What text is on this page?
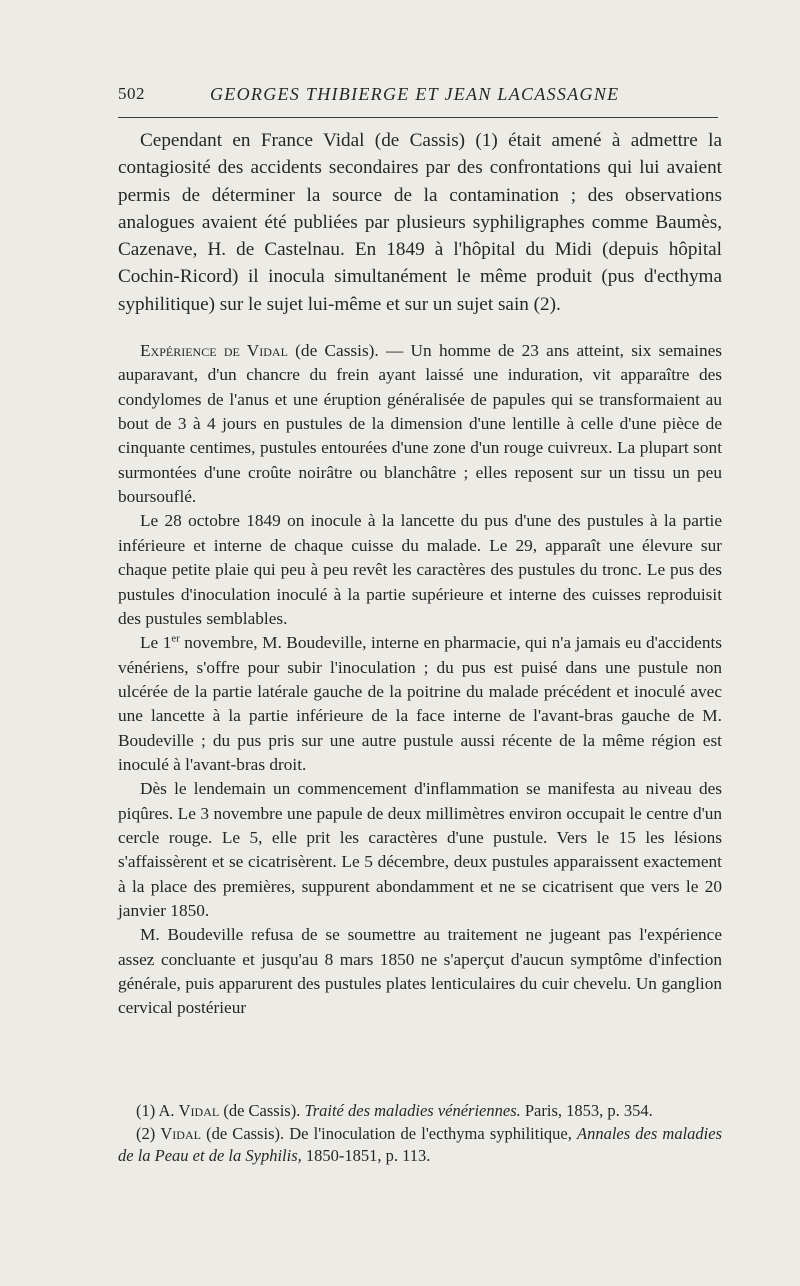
502	GEORGES THIBIERGE ET JEAN LACASSAGNE

Cependant en France Vidal (de Cassis) (1) était amené à admettre la contagiosité des accidents secondaires par des confrontations qui lui avaient permis de déterminer la source de la contamination ; des observations analogues avaient été publiées par plusieurs syphiligraphes comme Baumès, Cazenave, H. de Castelnau. En 1849 à l'hôpital du Midi (depuis hôpital Cochin-Ricord) il inocula simultanément le même produit (pus d'ecthyma syphilitique) sur le sujet lui-même et sur un sujet sain (2).

Expérience de Vidal (de Cassis). — Un homme de 23 ans atteint, six semaines auparavant, d'un chancre du frein ayant laissé une induration, vit apparaître des condylomes de l'anus et une éruption généralisée de papules qui se transformaient au bout de 3 à 4 jours en pustules de la dimension d'une lentille à celle d'une pièce de cinquante centimes, pustules entourées d'une zone d'un rouge cuivreux. La plupart sont surmontées d'une croûte noirâtre ou blanchâtre ; elles reposent sur un tissu un peu boursouflé.

Le 28 octobre 1849 on inocule à la lancette du pus d'une des pustules à la partie inférieure et interne de chaque cuisse du malade. Le 29, apparaît une élevure sur chaque petite plaie qui peu à peu revêt les caractères des pustules du tronc. Le pus des pustules d'inoculation inoculé à la partie supérieure et interne des cuisses reproduisit des pustules semblables.

Le 1er novembre, M. Boudeville, interne en pharmacie, qui n'a jamais eu d'accidents vénériens, s'offre pour subir l'inoculation ; du pus est puisé dans une pustule non ulcérée de la partie latérale gauche de la poitrine du malade précédent et inoculé avec une lancette à la partie inférieure de la face interne de l'avant-bras gauche de M. Boudeville ; du pus pris sur une autre pustule aussi récente de la même région est inoculé à l'avant-bras droit.

Dès le lendemain un commencement d'inflammation se manifesta au niveau des piqûres. Le 3 novembre une papule de deux millimètres environ occupait le centre d'un cercle rouge. Le 5, elle prit les caractères d'une pustule. Vers le 15 les lésions s'affaissèrent et se cicatrisèrent. Le 5 décembre, deux pustules apparaissent exactement à la place des premières, suppurent abondamment et ne se cicatrisent que vers le 20 janvier 1850.

M. Boudeville refusa de se soumettre au traitement ne jugeant pas l'expérience assez concluante et jusqu'au 8 mars 1850 ne s'aperçut d'aucun symptôme d'infection générale, puis apparurent des pustules plates lenticulaires du cuir chevelu. Un ganglion cervical postérieur

(1) A. Vidal (de Cassis). Traité des maladies vénériennes. Paris, 1853, p. 354.

(2) Vidal (de Cassis). De l'inoculation de l'ecthyma syphilitique, Annales des maladies de la Peau et de la Syphilis, 1850-1851, p. 113.
